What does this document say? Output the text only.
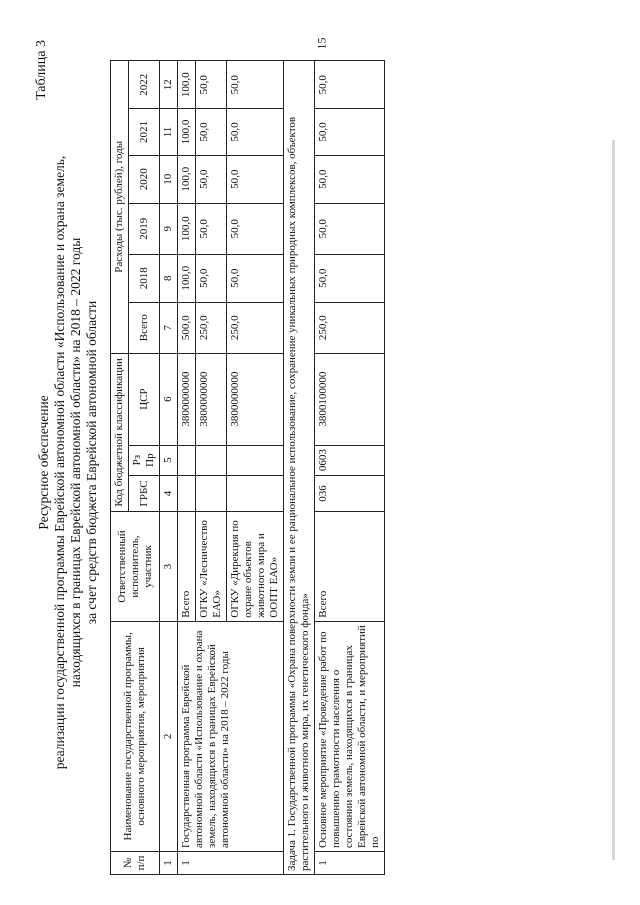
15
Таблица 3
Ресурсное обеспечение реализации государственной программы Еврейской автономной области «Использование и охрана земель, находящихся в границах Еврейской автономной области» на 2018 – 2022 годы за счет средств бюджета Еврейской автономной области
№ п/п	Наименование государственной программы, основного мероприятия, мероприятия	Ответственный исполнитель, участник	Код бюджетной классификации			Расходы (тыс. рублей), годы					
			ГРБС	Рз Пр	ЦСР	Всего	2018	2019	2020	2021	2022
1	2	3	4	5	6	7	8	9	10	11	12
1	Государственная программа Еврейской автономной области «Использование и охрана земель, находящихся в границах Еврейской автономной области» на 2018 – 2022 годы	Всего			3800000000	500,0	100,0	100,0	100,0	100,0	100,0
		ОГКУ «Лесничество ЕАО»			3800000000	250,0	50,0	50,0	50,0	50,0	50,0
		ОГКУ «Дирекция по охране объектов животного мира и ООПТ ЕАО»			3800000000	250,0	50,0	50,0	50,0	50,0	50,0
Задача 1. Государственной программы «Охрана поверхности земли и ее рациональное использование, сохранение уникальных природных комплексов, объектов растительного и животного мира, их генетического фонда»											
1	Основное мероприятие «Проведение работ по повышению грамотности населения о состоянии земель, находящихся в границах Еврейской автономной области, и мероприятий по	Всего	036	0603	3800100000	250,0	50,0	50,0	50,0	50,0	50,0
